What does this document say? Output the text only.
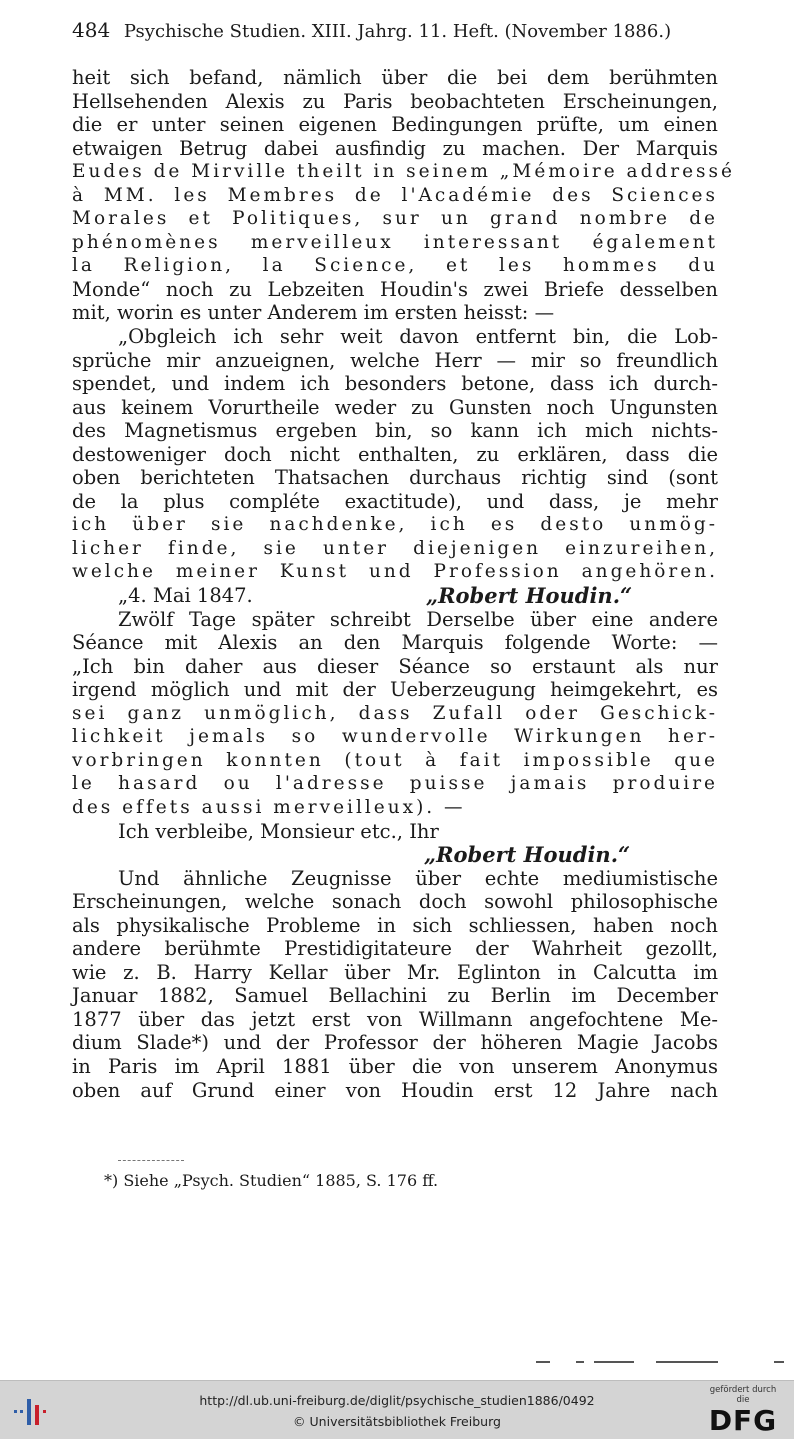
484 Psychische Studien. XIII. Jahrg. 11. Heft. (November 1886.)
heit sich befand, nämlich über die bei dem berühmten
Hellsehenden Alexis zu Paris beobachteten Erscheinungen,
die er unter seinen eigenen Bedingungen prüfte, um einen
etwaigen Betrug dabei ausfindig zu machen. Der Marquis
Eudes de Mirville theilt in seinem „Mémoire addressé
à MM. les Membres de l'Académie des Sciences
Morales et Politiques, sur un grand nombre de
phénomènes merveilleux interessant également
la Religion, la Science, et les hommes du
Monde“ noch zu Lebzeiten Houdin's zwei Briefe desselben
mit, worin es unter Anderem im ersten heisst: —
„Obgleich ich sehr weit davon entfernt bin, die Lob-
sprüche mir anzueignen, welche Herr — mir so freundlich
spendet, und indem ich besonders betone, dass ich durch-
aus keinem Vorurtheile weder zu Gunsten noch Ungunsten
des Magnetismus ergeben bin, so kann ich mich nichts-
destoweniger doch nicht enthalten, zu erklären, dass die
oben berichteten Thatsachen durchaus richtig sind (sont
de la plus compléte exactitude), und dass, je mehr
ich über sie nachdenke, ich es desto unmög-
licher finde, sie unter diejenigen einzureihen,
welche meiner Kunst und Profession angehören.
„4. Mai 1847.	„Robert Houdin.“
Zwölf Tage später schreibt Derselbe über eine andere
Séance mit Alexis an den Marquis folgende Worte: —
„Ich bin daher aus dieser Séance so erstaunt als nur
irgend möglich und mit der Ueberzeugung heimgekehrt, es
sei ganz unmöglich, dass Zufall oder Geschick-
lichkeit jemals so wundervolle Wirkungen her-
vorbringen konnten (tout à fait impossible que
le hasard ou l'adresse puisse jamais produire
des effets aussi merveilleux). —
Ich verbleibe, Monsieur etc., Ihr
„Robert Houdin.“
Und ähnliche Zeugnisse über echte mediumistische
Erscheinungen, welche sonach doch sowohl philosophische
als physikalische Probleme in sich schliessen, haben noch
andere berühmte Prestidigitateure der Wahrheit gezollt,
wie z. B. Harry Kellar über Mr. Eglinton in Calcutta im
Januar 1882, Samuel Bellachini zu Berlin im December
1877 über das jetzt erst von Willmann angefochtene Me-
dium Slade*) und der Professor der höheren Magie Jacobs
in Paris im April 1881 über die von unserem Anonymus
oben auf Grund einer von Houdin erst 12 Jahre nach
*) Siehe „Psych. Studien“ 1885, S. 176 ff.
http://dl.ub.uni-freiburg.de/diglit/psychische_studien1886/0492
© Universitätsbibliothek Freiburg
gefördert durch die
DFG
